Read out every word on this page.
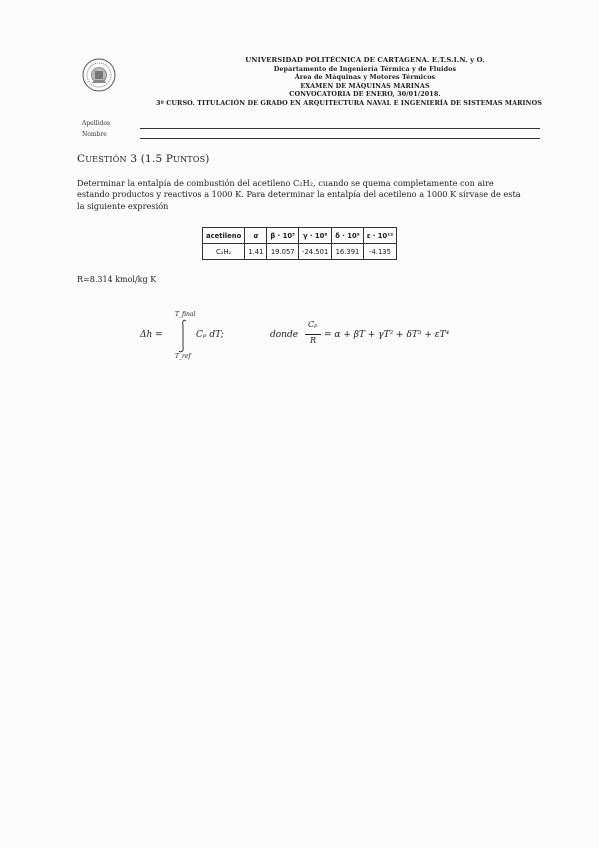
UNIVERSIDAD POLITÉCNICA DE CARTAGENA. E.T.S.I.N. y O.
Departamento de Ingeniería Térmica y de Fluidos
Área de Máquinas y Motores Térmicos
EXAMEN DE MÁQUINAS MARINAS
CONVOCATORIA DE ENERO, 30/01/2018.
3º CURSO. TITULACIÓN DE GRADO EN ARQUITECTURA NAVAL E INGENIERÍA DE SISTEMAS MARINOS
Apellidos
Nombre
CUESTIÓN 3 (1.5 PUNTOS)
Determinar la entalpía de combustión del acetileno C₂H₂, cuando se quema completamente con aire estando productos y reactivos a 1000 K. Para determinar la entalpía del acetileno a 1000 K sírvase de esta la siguiente expresión
acetileno	α	β · 10³	γ · 10⁶	δ · 10⁹	ε · 10¹²
C₂H₂	1.41	19.057	-24.501	16.391	-4.135
R=8.314 kmol/kg K
Δh =
T_final
T_ref
Cₚ dT;	donde
Cₚ
R
= α + βT + γT² + δT³ + εT⁴
